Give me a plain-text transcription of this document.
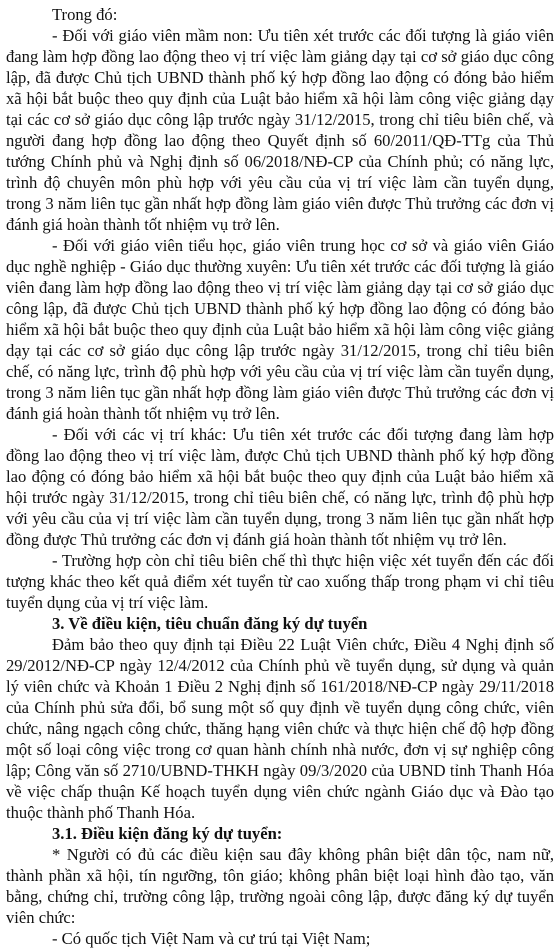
Trong đó:

- Đối với giáo viên mầm non: Ưu tiên xét trước các đối tượng là giáo viên đang làm hợp đồng lao động theo vị trí việc làm giảng dạy tại cơ sở giáo dục công lập, đã được Chủ tịch UBND thành phố ký hợp đồng lao động có đóng bảo hiểm xã hội bắt buộc theo quy định của Luật bảo hiểm xã hội làm công việc giảng dạy tại các cơ sở giáo dục công lập trước ngày 31/12/2015, trong chỉ tiêu biên chế, và người đang hợp đồng lao động theo Quyết định số 60/2011/QĐ-TTg của Thủ tướng Chính phủ và Nghị định số 06/2018/NĐ-CP của Chính phủ; có năng lực, trình độ chuyên môn phù hợp với yêu cầu của vị trí việc làm cần tuyển dụng, trong 3 năm liên tục gần nhất hợp đồng làm giáo viên được Thủ trưởng các đơn vị đánh giá hoàn thành tốt nhiệm vụ trở lên.

- Đối với giáo viên tiểu học, giáo viên trung học cơ sở và giáo viên Giáo dục nghề nghiệp - Giáo dục thường xuyên: Ưu tiên xét trước các đối tượng là giáo viên đang làm hợp đồng lao động theo vị trí việc làm giảng dạy tại cơ sở giáo dục công lập, đã được Chủ tịch UBND thành phố ký hợp đồng lao động có đóng bảo hiểm xã hội bắt buộc theo quy định của Luật bảo hiểm xã hội làm công việc giảng dạy tại các cơ sở giáo dục công lập trước ngày 31/12/2015, trong chỉ tiêu biên chế, có năng lực, trình độ phù hợp với yêu cầu của vị trí việc làm cần tuyển dụng, trong 3 năm liên tục gần nhất hợp đồng làm giáo viên được Thủ trưởng các đơn vị đánh giá hoàn thành tốt nhiệm vụ trở lên.

- Đối với các vị trí khác: Ưu tiên xét trước các đối tượng đang làm hợp đồng lao động theo vị trí việc làm, được Chủ tịch UBND thành phố ký hợp đồng lao động có đóng bảo hiểm xã hội bắt buộc theo quy định của Luật bảo hiểm xã hội trước ngày 31/12/2015, trong chỉ tiêu biên chế, có năng lực, trình độ phù hợp với yêu cầu của vị trí việc làm cần tuyển dụng, trong 3 năm liên tục gần nhất hợp đồng được Thủ trưởng các đơn vị đánh giá hoàn thành tốt nhiệm vụ trở lên.

- Trường hợp còn chỉ tiêu biên chế thì thực hiện việc xét tuyển đến các đối tượng khác theo kết quả điểm xét tuyển từ cao xuống thấp trong phạm vi chỉ tiêu tuyển dụng của vị trí việc làm.

3. Về điều kiện, tiêu chuẩn đăng ký dự tuyển

Đảm bảo theo quy định tại Điều 22 Luật Viên chức, Điều 4 Nghị định số 29/2012/NĐ-CP ngày 12/4/2012 của Chính phủ về tuyển dụng, sử dụng và quản lý viên chức và Khoản 1 Điều 2 Nghị định số 161/2018/NĐ-CP ngày 29/11/2018 của Chính phủ sửa đổi, bổ sung một số quy định về tuyển dụng công chức, viên chức, nâng ngạch công chức, thăng hạng viên chức và thực hiện chế độ hợp đồng một số loại công việc trong cơ quan hành chính nhà nước, đơn vị sự nghiệp công lập; Công văn số 2710/UBND-THKH ngày 09/3/2020 của UBND tỉnh Thanh Hóa về việc chấp thuận Kế hoạch tuyển dụng viên chức ngành Giáo dục và Đào tạo thuộc thành phố Thanh Hóa.

3.1. Điều kiện đăng ký dự tuyển:

* Người có đủ các điều kiện sau đây không phân biệt dân tộc, nam nữ, thành phần xã hội, tín ngưỡng, tôn giáo; không phân biệt loại hình đào tạo, văn bằng, chứng chỉ, trường công lập, trường ngoài công lập, được đăng ký dự tuyển viên chức:

- Có quốc tịch Việt Nam và cư trú tại Việt Nam;
